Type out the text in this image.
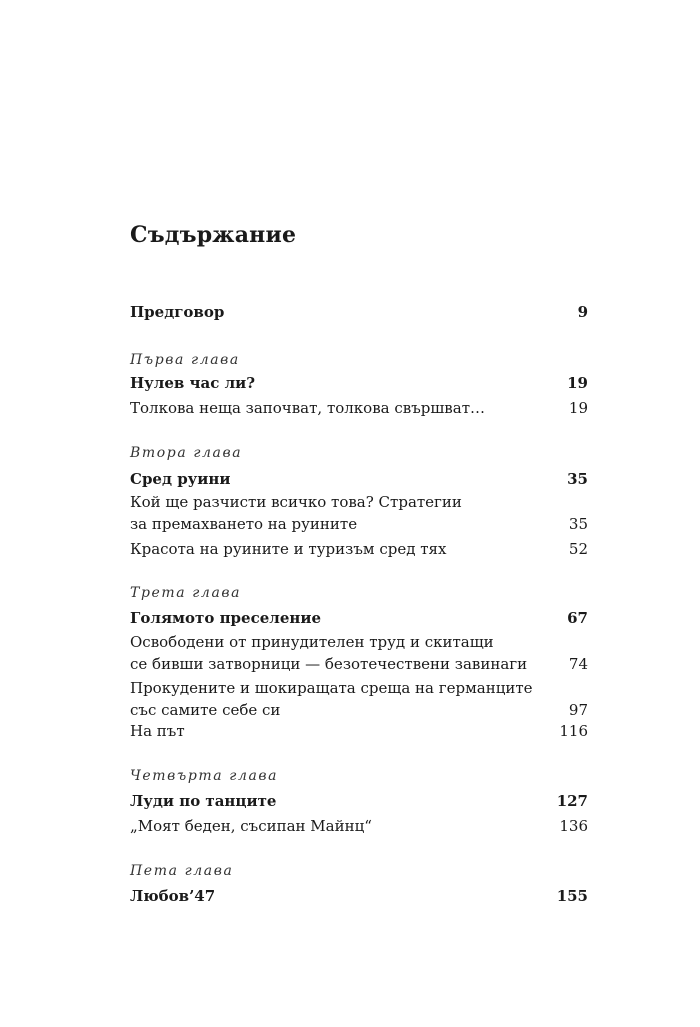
Съдържание
Предговор	9
Първа глава
Нулев час ли?	19
Толкова неща започват, толкова свършват…	19
Втора глава
Сред руини	35
Кой ще разчисти всичко това? Стратегии
за премахването на руините	35
Красота на руините и туризъм сред тях	52
Трета глава
Голямото преселение	67
Освободени от принудителен труд и скитащи
се бивши затворници — безотечествени завинаги	74
Прокудените и шокиращата среща на германците
със самите себе си	97
На път	116
Четвърта глава
Луди по танците	127
„Моят беден, съсипан Майнц“	136
Пета глава
Любов’47	155
